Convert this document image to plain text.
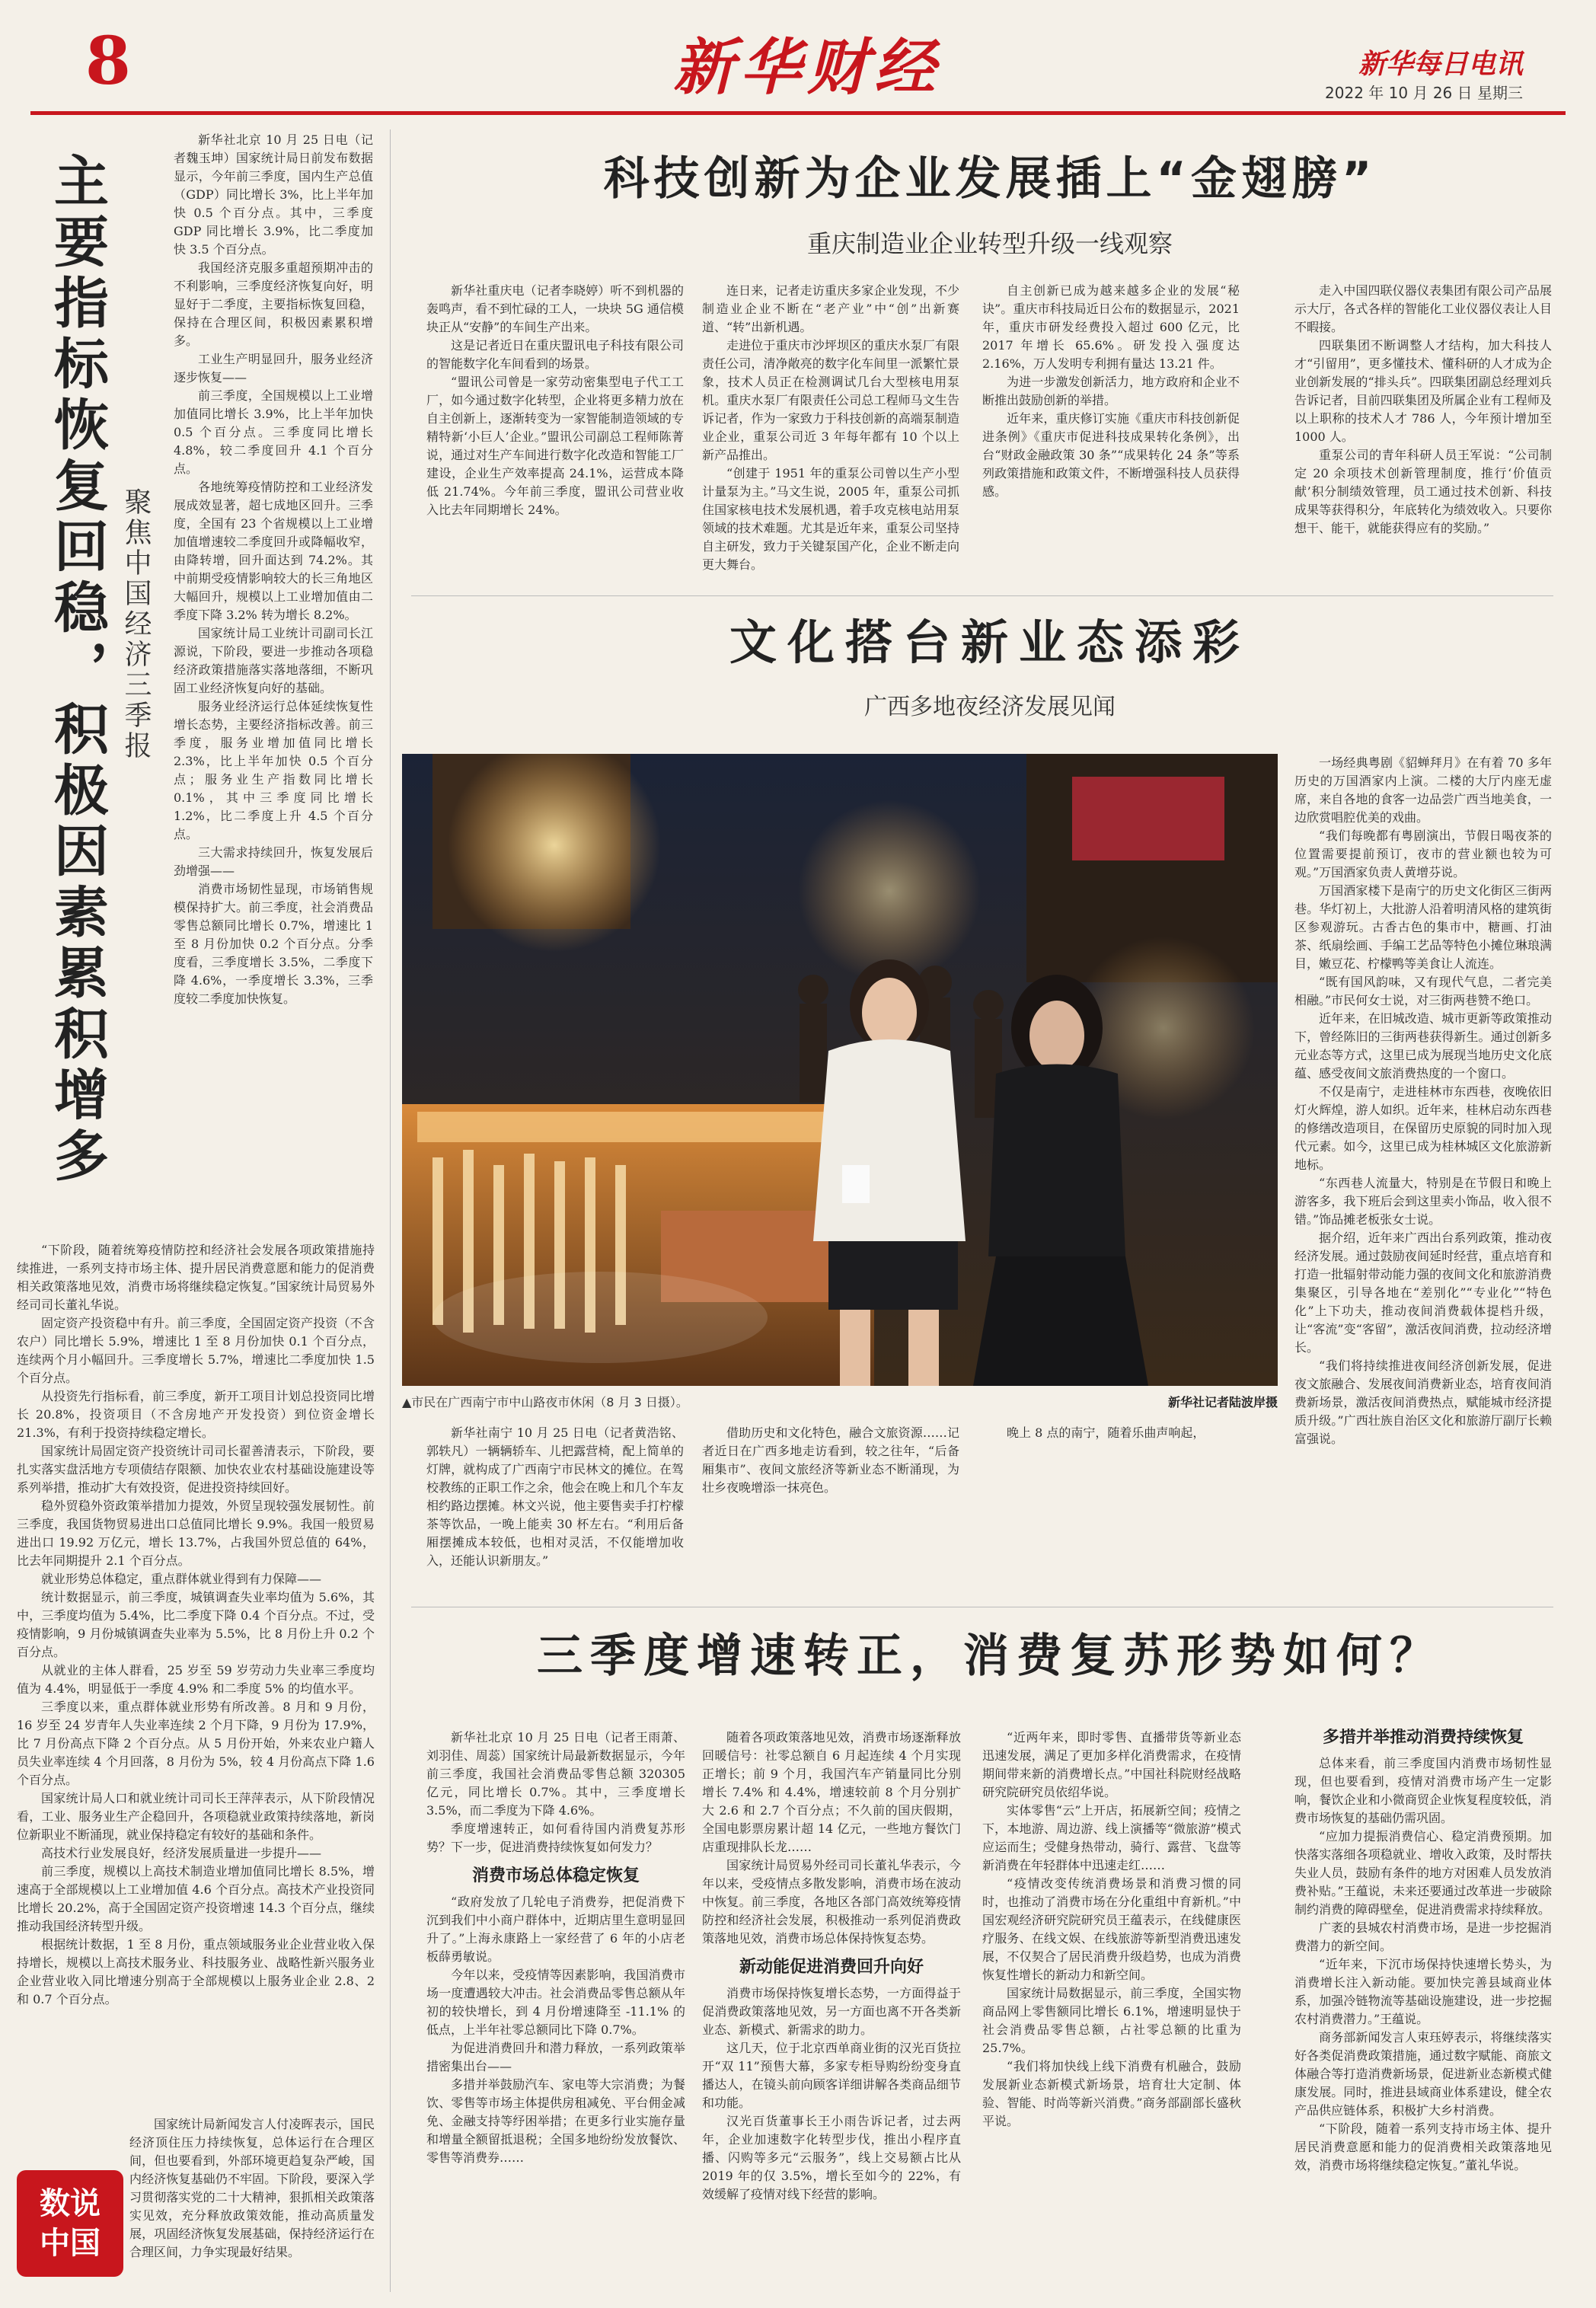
8	新华财经	新华每日电讯
2022 年 10 月 26 日 星期三
主要指标恢复回稳，积极因素累积增多 聚焦中国经济三季报

新华社北京 10 月 25 日电（记者魏玉坤）国家统计局日前发布数据显示，今年前三季度，国内生产总值（GDP）同比增长 3%，比上半年加快 0.5 个百分点。其中，三季度 GDP 同比增长 3.9%，比二季度加快 3.5 个百分点。

我国经济克服多重超预期冲击的不利影响，三季度经济恢复向好，明显好于二季度，主要指标恢复回稳，保持在合理区间，积极因素累积增多。

工业生产明显回升，服务业经济逐步恢复——

前三季度，全国规模以上工业增加值同比增长 3.9%，比上半年加快 0.5 个百分点。三季度同比增长 4.8%，较二季度回升 4.1 个百分点。

各地统筹疫情防控和工业经济发展成效显著，超七成地区回升。三季度，全国有 23 个省规模以上工业增加值增速较二季度回升或降幅收窄，由降转增，回升面达到 74.2%。其中前期受疫情影响较大的长三角地区大幅回升，规模以上工业增加值由二季度下降 3.2% 转为增长 8.2%。

国家统计局工业统计司副司长江源说，下阶段，要进一步推动各项稳经济政策措施落实落地落细，不断巩固工业经济恢复向好的基础。

服务业经济运行总体延续恢复性增长态势，主要经济指标改善。前三季度，服务业增加值同比增长 2.3%，比上半年加快 0.5 个百分点；服务业生产指数同比增长 0.1%，其中三季度同比增长 1.2%，比二季度上升 4.5 个百分点。

三大需求持续回升，恢复发展后劲增强——

消费市场韧性显现，市场销售规模保持扩大。前三季度，社会消费品零售总额同比增长 0.7%，增速比 1 至 8 月份加快 0.2 个百分点。分季度看，三季度增长 3.5%，二季度下降 4.6%，一季度增长 3.3%，三季度较二季度加快恢复。

“下阶段，随着统筹疫情防控和经济社会发展各项政策措施持续推进，一系列支持市场主体、提升居民消费意愿和能力的促消费相关政策落地见效，消费市场将继续稳定恢复。”国家统计局贸易外经司司长董礼华说。

固定资产投资稳中有升。前三季度，全国固定资产投资（不含农户）同比增长 5.9%，增速比 1 至 8 月份加快 0.1 个百分点，连续两个月小幅回升。三季度增长 5.7%，增速比二季度加快 1.5 个百分点。

从投资先行指标看，前三季度，新开工项目计划总投资同比增长 20.8%，投资项目（不含房地产开发投资）到位资金增长 21.3%，有利于投资持续稳定增长。

国家统计局固定资产投资统计司司长翟善清表示，下阶段，要扎实落实盘活地方专项债结存限额、加快农业农村基础设施建设等系列举措，推动扩大有效投资，促进投资持续回好。

稳外贸稳外资政策举措加力提效，外贸呈现较强发展韧性。前三季度，我国货物贸易进出口总值同比增长 9.9%。我国一般贸易进出口 19.92 万亿元，增长 13.7%，占我国外贸总值的 64%，比去年同期提升 2.1 个百分点。

就业形势总体稳定，重点群体就业得到有力保障——

统计数据显示，前三季度，城镇调查失业率均值为 5.6%，其中，三季度均值为 5.4%，比二季度下降 0.4 个百分点。不过，受疫情影响，9 月份城镇调查失业率为 5.5%，比 8 月份上升 0.2 个百分点。

从就业的主体人群看，25 岁至 59 岁劳动力失业率三季度均值为 4.4%，明显低于一季度 4.9% 和二季度 5% 的均值水平。

三季度以来，重点群体就业形势有所改善。8 月和 9 月份，16 岁至 24 岁青年人失业率连续 2 个月下降，9 月份为 17.9%，比 7 月份高点下降 2 个百分点。从 5 月份开始，外来农业户籍人员失业率连续 4 个月回落，8 月份为 5%，较 4 月份高点下降 1.6 个百分点。

国家统计局人口和就业统计司司长王萍萍表示，从下阶段情况看，工业、服务业生产企稳回升，各项稳就业政策持续落地，新岗位新职业不断涌现，就业保持稳定有较好的基础和条件。

高技术行业发展良好，经济发展质量进一步提升——

前三季度，规模以上高技术制造业增加值同比增长 8.5%，增速高于全部规模以上工业增加值 4.6 个百分点。高技术产业投资同比增长 20.2%，高于全国固定资产投资增速 14.3 个百分点，继续推动我国经济转型升级。

根据统计数据，1 至 8 月份，重点领域服务业企业营业收入保持增长，规模以上高技术服务业、科技服务业、战略性新兴服务业企业营业收入同比增速分别高于全部规模以上服务业企业 2.8、2 和 0.7 个百分点。

国家统计局新闻发言人付凌晖表示，国民经济顶住压力持续恢复，总体运行在合理区间，但也要看到，外部环境更趋复杂严峻，国内经济恢复基础仍不牢固。下阶段，要深入学习贯彻落实党的二十大精神，狠抓相关政策落实见效，充分释放政策效能，推动高质量发展，巩固经济恢复发展基础，保持经济运行在合理区间，力争实现最好结果。

数说中国
科技创新为企业发展插上“金翅膀”
重庆制造业企业转型升级一线观察

新华社重庆电（记者李晓婷）听不到机器的轰鸣声，看不到忙碌的工人，一块块 5G 通信模块正从“安静”的车间生产出来。

这是记者近日在重庆盟讯电子科技有限公司的智能数字化车间看到的场景。

“盟讯公司曾是一家劳动密集型电子代工工厂，如今通过数字化转型，企业将更多精力放在自主创新上，逐渐转变为一家智能制造领域的专精特新‘小巨人’企业。”盟讯公司副总工程师陈菁说，通过对生产车间进行数字化改造和智能工厂建设，企业生产效率提高 24.1%，运营成本降低 21.74%。今年前三季度，盟讯公司营业收入比去年同期增长 24%。

连日来，记者走访重庆多家企业发现，不少制造业企业不断在“老产业”中“创”出新赛道、“转”出新机遇。

走进位于重庆市沙坪坝区的重庆水泵厂有限责任公司，清净敞亮的数字化车间里一派繁忙景象，技术人员正在检测调试几台大型核电用泵机。重庆水泵厂有限责任公司总工程师马文生告诉记者，作为一家致力于科技创新的高端泵制造业企业，重泵公司近 3 年每年都有 10 个以上新产品推出。

“创建于 1951 年的重泵公司曾以生产小型计量泵为主。”马文生说，2005 年，重泵公司抓住国家核电技术发展机遇，着手攻克核电站用泵领域的技术难题。尤其是近年来，重泵公司坚持自主研发，致力于关键泵国产化，企业不断走向更大舞台。

自主创新已成为越来越多企业的发展“秘诀”。重庆市科技局近日公布的数据显示，2021 年，重庆市研发经费投入超过 600 亿元，比 2017 年增长 65.6%。研发投入强度达 2.16%，万人发明专利拥有量达 13.21 件。

为进一步激发创新活力，地方政府和企业不断推出鼓励创新的举措。

近年来，重庆修订实施《重庆市科技创新促进条例》《重庆市促进科技成果转化条例》，出台“财政金融政策 30 条”“成果转化 24 条”等系列政策措施和政策文件，不断增强科技人员获得感。

走入中国四联仪器仪表集团有限公司产品展示大厅，各式各样的智能化工业仪器仪表让人目不暇接。

四联集团不断调整人才结构，加大科技人才“引留用”，更多懂技术、懂科研的人才成为企业创新发展的“排头兵”。四联集团副总经理刘兵告诉记者，目前四联集团及所属企业有工程师及以上职称的技术人才 786 人，今年预计增加至 1000 人。

重泵公司的青年科研人员王军说：“公司制定 20 余项技术创新管理制度，推行‘价值贡献’积分制绩效管理，员工通过技术创新、科技成果等获得积分，年底转化为绩效收入。只要你想干、能干，就能获得应有的奖励。”

文化搭台新业态添彩
广西多地夜经济发展见闻
▲市民在广西南宁市中山路夜市休闲（8 月 3 日摄）。	新华社记者陆波岸摄

一场经典粤剧《貂蝉拜月》在有着 70 多年历史的万国酒家内上演。二楼的大厅内座无虚席，来自各地的食客一边品尝广西当地美食，一边欣赏唱腔优美的戏曲。

“我们每晚都有粤剧演出，节假日喝夜茶的位置需要提前预订，夜市的营业额也较为可观。”万国酒家负责人黄增芬说。

万国酒家楼下是南宁的历史文化街区三街两巷。华灯初上，大批游人沿着明清风格的建筑街区参观游玩。古香古色的集市中，糖画、打油茶、纸扇绘画、手编工艺品等特色小摊位琳琅满目，嫩豆花、柠檬鸭等美食让人流连。

“既有国风韵味，又有现代气息，二者完美相融。”市民何女士说，对三街两巷赞不绝口。

近年来，在旧城改造、城市更新等政策推动下，曾经陈旧的三街两巷获得新生。通过创新多元业态等方式，这里已成为展现当地历史文化底蕴、感受夜间文旅消费热度的一个窗口。

不仅是南宁，走进桂林市东西巷，夜晚依旧灯火辉煌，游人如织。近年来，桂林启动东西巷的修缮改造项目，在保留历史原貌的同时加入现代元素。如今，这里已成为桂林城区文化旅游新地标。

“东西巷人流量大，特别是在节假日和晚上游客多，我下班后会到这里卖小饰品，收入很不错。”饰品摊老板张女士说。

据介绍，近年来广西出台系列政策，推动夜经济发展。通过鼓励夜间延时经营，重点培育和打造一批辐射带动能力强的夜间文化和旅游消费集聚区，引导各地在“差别化”“专业化”“特色化”上下功夫，推动夜间消费载体提档升级，让“客流”变“客留”，激活夜间消费，拉动经济增长。

“我们将持续推进夜间经济创新发展，促进夜文旅融合、发展夜间消费新业态，培育夜间消费新场景，激活夜间消费热点，赋能城市经济提质升级。”广西壮族自治区文化和旅游厅副厅长赖富强说。

新华社南宁 10 月 25 日电（记者黄浩铭、郭轶凡）一辆辆轿车、儿把露营椅，配上简单的灯牌，就构成了广西南宁市民林文的摊位。在驾校教练的正职工作之余，他会在晚上和几个车友相约路边摆摊。林文兴说，他主要售卖手打柠檬茶等饮品，一晚上能卖 30 杯左右。“利用后备厢摆摊成本较低，也相对灵活，不仅能增加收入，还能认识新朋友。”

借助历史和文化特色，融合文旅资源……记者近日在广西多地走访看到，较之往年，“后备厢集市”、夜间文旅经济等新业态不断涌现，为壮乡夜晚增添一抹亮色。

晚上 8 点的南宁，随着乐曲声响起，

三季度增速转正，消费复苏形势如何？

新华社北京 10 月 25 日电（记者王雨萧、刘羽佳、周蕊）国家统计局最新数据显示，今年前三季度，我国社会消费品零售总额 320305 亿元，同比增长 0.7%。其中，三季度增长 3.5%，而二季度为下降 4.6%。

季度增速转正，如何看待国内消费复苏形势？下一步，促进消费持续恢复如何发力？

消费市场总体稳定恢复

“政府发放了几轮电子消费券，把促消费下沉到我们中小商户群体中，近期店里生意明显回升了。”上海永康路上一家经营了 6 年的小店老板薛勇敏说。

今年以来，受疫情等因素影响，我国消费市场一度遭遇较大冲击。社会消费品零售总额从年初的较快增长，到 4 月份增速降至 -11.1% 的低点，上半年社零总额同比下降 0.7%。

为促进消费回升和潜力释放，一系列政策举措密集出台——

多措并举鼓励汽车、家电等大宗消费；为餐饮、零售等市场主体提供房租减免、平台佣金减免、金融支持等纾困举措；在更多行业实施存量和增量全额留抵退税；全国多地纷纷发放餐饮、零售等消费券……

随着各项政策落地见效，消费市场逐渐释放回暖信号：社零总额自 6 月起连续 4 个月实现正增长；前 9 个月，我国汽车产销量同比分别增长 7.4% 和 4.4%，增速较前 8 个月分别扩大 2.6 和 2.7 个百分点；不久前的国庆假期，全国电影票房累计超 14 亿元，一些地方餐饮门店重现排队长龙……

国家统计局贸易外经司司长董礼华表示，今年以来，受疫情点多散发影响，消费市场在波动中恢复。前三季度，各地区各部门高效统筹疫情防控和经济社会发展，积极推动一系列促消费政策落地见效，消费市场总体保持恢复态势。

新动能促进消费回升向好

消费市场保持恢复增长态势，一方面得益于促消费政策落地见效，另一方面也离不开各类新业态、新模式、新需求的助力。

这几天，位于北京西单商业街的汉光百货拉开“双 11”预售大幕，多家专柜导购纷纷变身直播达人，在镜头前向顾客详细讲解各类商品细节和功能。

汉光百货董事长王小雨告诉记者，过去两年，企业加速数字化转型步伐，推出小程序直播、闪购等多元“云服务”，线上交易额占比从 2019 年的仅 3.5%，增长至如今的 22%，有效缓解了疫情对线下经营的影响。

“近两年来，即时零售、直播带货等新业态迅速发展，满足了更加多样化消费需求，在疫情期间带来新的消费增长点。”中国社科院财经战略研究院研究员依绍华说。

实体零售“云”上开店，拓展新空间；疫情之下，本地游、周边游、线上演播等“微旅游”模式应运而生；受健身热带动，骑行、露营、飞盘等新消费在年轻群体中迅速走红……

“疫情改变传统消费场景和消费习惯的同时，也推动了消费市场在分化重组中育新机。”中国宏观经济研究院研究员王蕴表示，在线健康医疗服务、在线文娱、在线旅游等新型消费迅速发展，不仅契合了居民消费升级趋势，也成为消费恢复性增长的新动力和新空间。

国家统计局数据显示，前三季度，全国实物商品网上零售额同比增长 6.1%，增速明显快于社会消费品零售总额，占社零总额的比重为 25.7%。

“我们将加快线上线下消费有机融合，鼓励发展新业态新模式新场景，培育壮大定制、体验、智能、时尚等新兴消费。”商务部副部长盛秋平说。

多措并举推动消费持续恢复

总体来看，前三季度国内消费市场韧性显现，但也要看到，疫情对消费市场产生一定影响，餐饮企业和小微商贸企业恢复程度较低，消费市场恢复的基础仍需巩固。

“应加力提振消费信心、稳定消费预期。加快落实落细各项稳就业、增收入政策，及时帮扶失业人员，鼓励有条件的地方对困难人员发放消费补贴。”王蕴说，未来还要通过改革进一步破除制约消费的障碍壁垒，促进消费需求持续释放。

广袤的县城农村消费市场，是进一步挖掘消费潜力的新空间。

“近年来，下沉市场保持快速增长势头，为消费增长注入新动能。要加快完善县域商业体系，加强冷链物流等基础设施建设，进一步挖掘农村消费潜力。”王蕴说。

商务部新闻发言人束珏婷表示，将继续落实好各类促消费政策措施，通过数字赋能、商旅文体融合等打造消费新场景，促进新业态新模式健康发展。同时，推进县域商业体系建设，健全农产品供应链体系，积极扩大乡村消费。

“下阶段，随着一系列支持市场主体、提升居民消费意愿和能力的促消费相关政策落地见效，消费市场将继续稳定恢复。”董礼华说。
